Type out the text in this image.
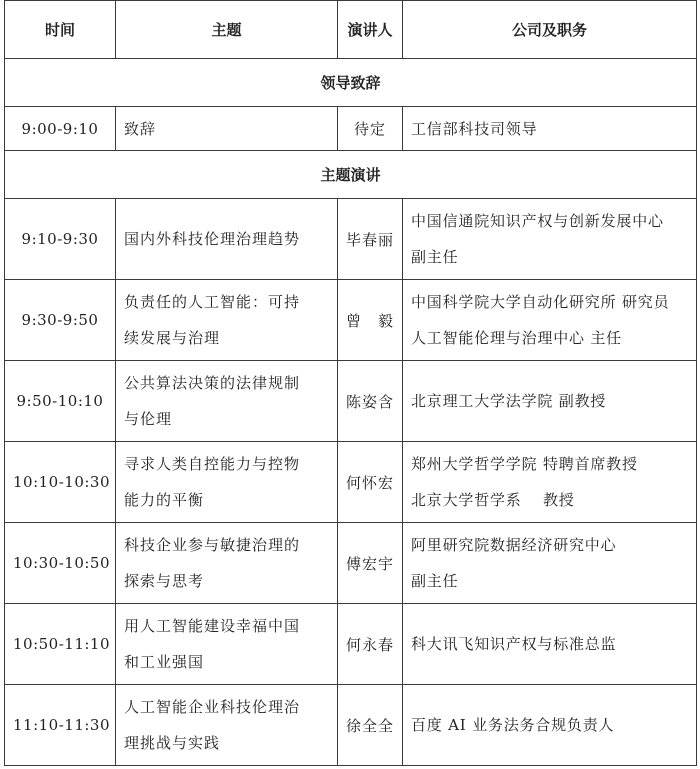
时间	主题	演讲人	公司及职务
领导致辞			
9:00-9:10	致辞	待定	工信部科技司领导

主题演讲			
9:10-9:30	国内外科技伦理治理趋势	毕春丽	中国信通院知识产权与创新发展中心
副主任

9:30-9:50	负责任的人工智能：可持
续发展与治理	曾　毅	中国科学院大学自动化研究所 研究员
人工智能伦理与治理中心 主任

9:50-10:10	公共算法决策的法律规制
与伦理	陈姿含	北京理工大学法学院 副教授

10:10-10:30	寻求人类自控能力与控物
能力的平衡	何怀宏	郑州大学哲学学院 特聘首席教授
北京大学哲学系　 教授

10:30-10:50	科技企业参与敏捷治理的
探索与思考	傅宏宇	阿里研究院数据经济研究中心
副主任

10:50-11:10	用人工智能建设幸福中国
和工业强国	何永春	科大讯飞知识产权与标准总监

11:10-11:30	人工智能企业科技伦理治
理挑战与实践	徐全全	百度 AI 业务法务合规负责人
